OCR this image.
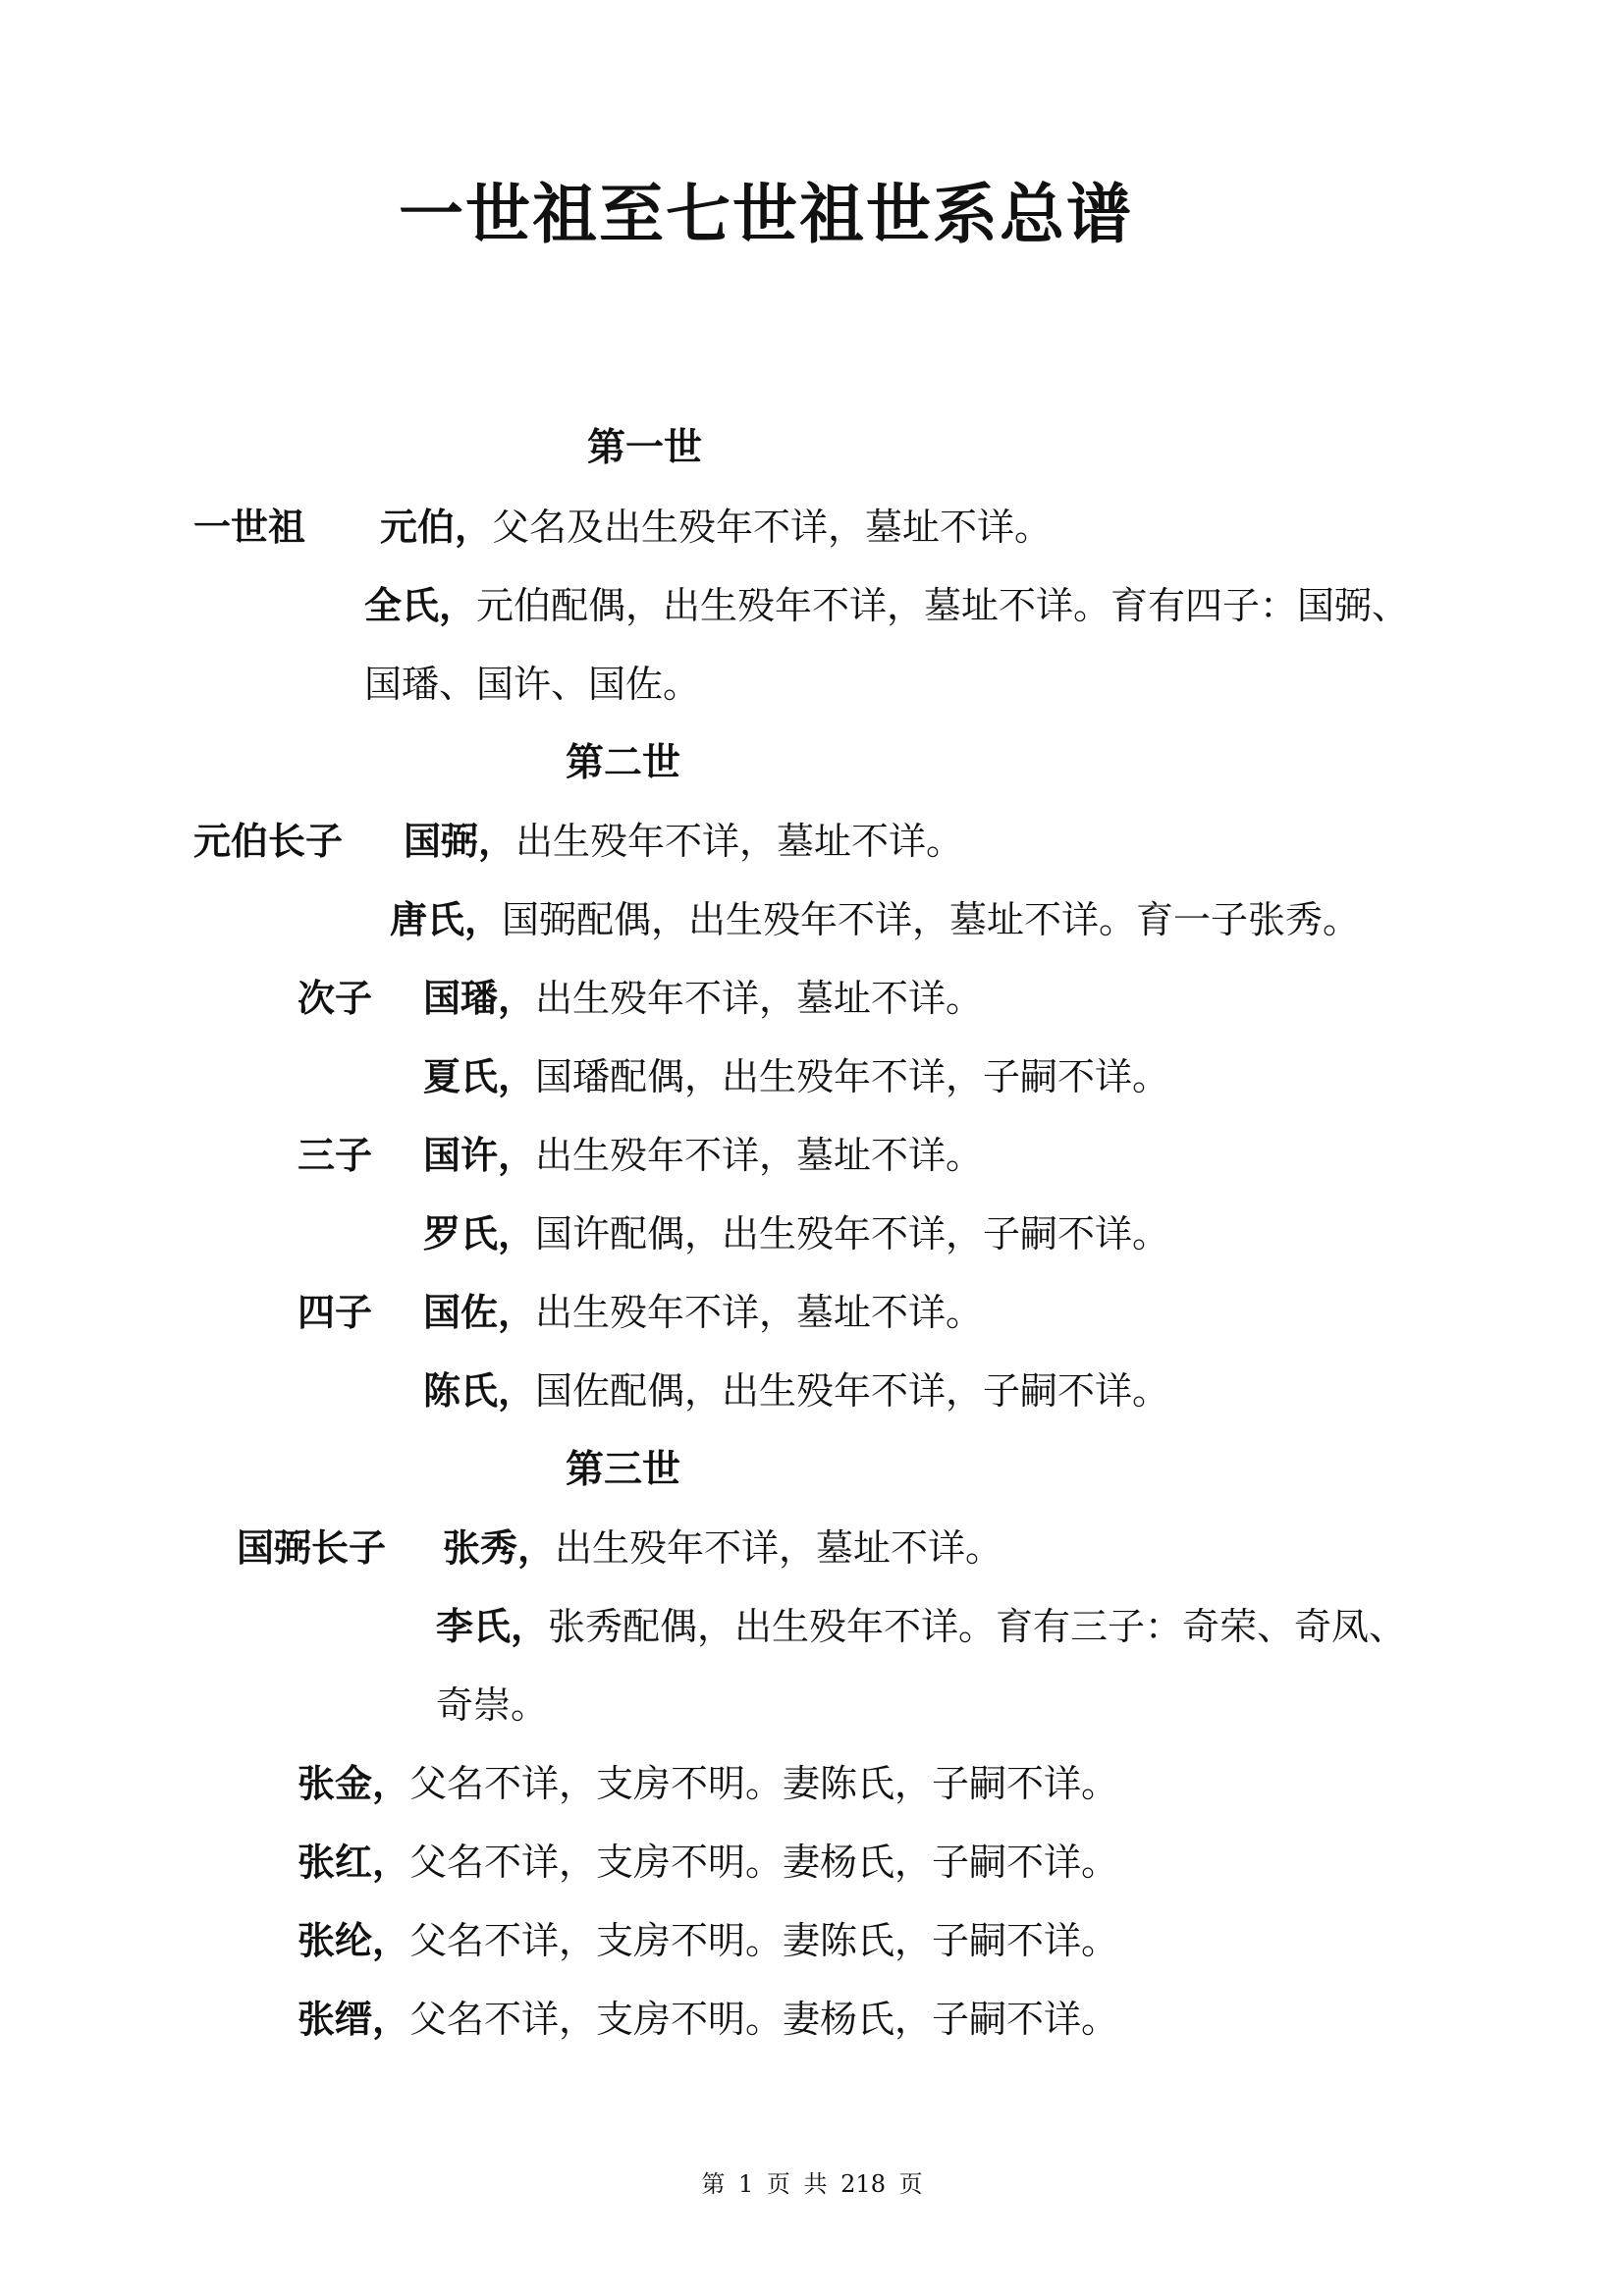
一世祖至七世祖世系总谱
第一世
一世祖 元伯，父名及出生殁年不详，墓址不详。
全氏，元伯配偶，出生殁年不详，墓址不详。育有四子：国弼、
国璠、国许、国佐。
第二世
元伯长子 国弼，出生殁年不详，墓址不详。
唐氏，国弼配偶，出生殁年不详，墓址不详。育一子张秀。
次子 国璠，出生殁年不详，墓址不详。
夏氏，国璠配偶，出生殁年不详，子嗣不详。
三子 国许，出生殁年不详，墓址不详。
罗氏，国许配偶，出生殁年不详，子嗣不详。
四子 国佐，出生殁年不详，墓址不详。
陈氏，国佐配偶，出生殁年不详，子嗣不详。
第三世
国弼长子 张秀，出生殁年不详，墓址不详。
李氏，张秀配偶，出生殁年不详。育有三子：奇荣、奇凤、
奇崇。
张金，父名不详，支房不明。妻陈氏，子嗣不详。
张红，父名不详，支房不明。妻杨氏，子嗣不详。
张纶，父名不详，支房不明。妻陈氏，子嗣不详。
张缙，父名不详，支房不明。妻杨氏，子嗣不详。
第 1 页 共 218 页
